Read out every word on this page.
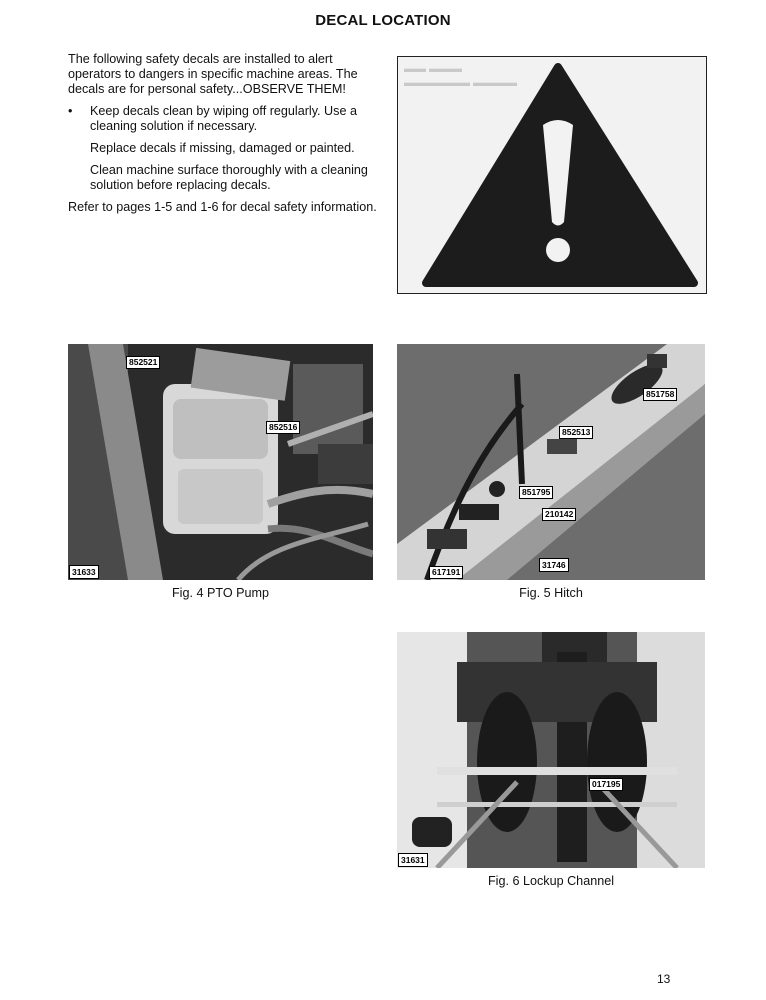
DECAL LOCATION

The following safety decals are installed to alert operators to dangers in specific machine areas. The decals are for personal safety...OBSERVE THEM!

• Keep decals clean by wiping off regularly. Use a cleaning solution if necessary.

Replace decals if missing, damaged or painted.

Clean machine surface thoroughly with a cleaning solution before replacing decals.

Refer to pages 1-5 and 1-6 for decal safety information.

▬▬ ▬▬▬
▬▬▬▬▬▬ ▬▬▬▬
852521
852516
31633
Fig. 4 PTO Pump
851758
852513
851795
210142
617191
31746
Fig. 5 Hitch
017195
31631
Fig. 6 Lockup Channel
13
